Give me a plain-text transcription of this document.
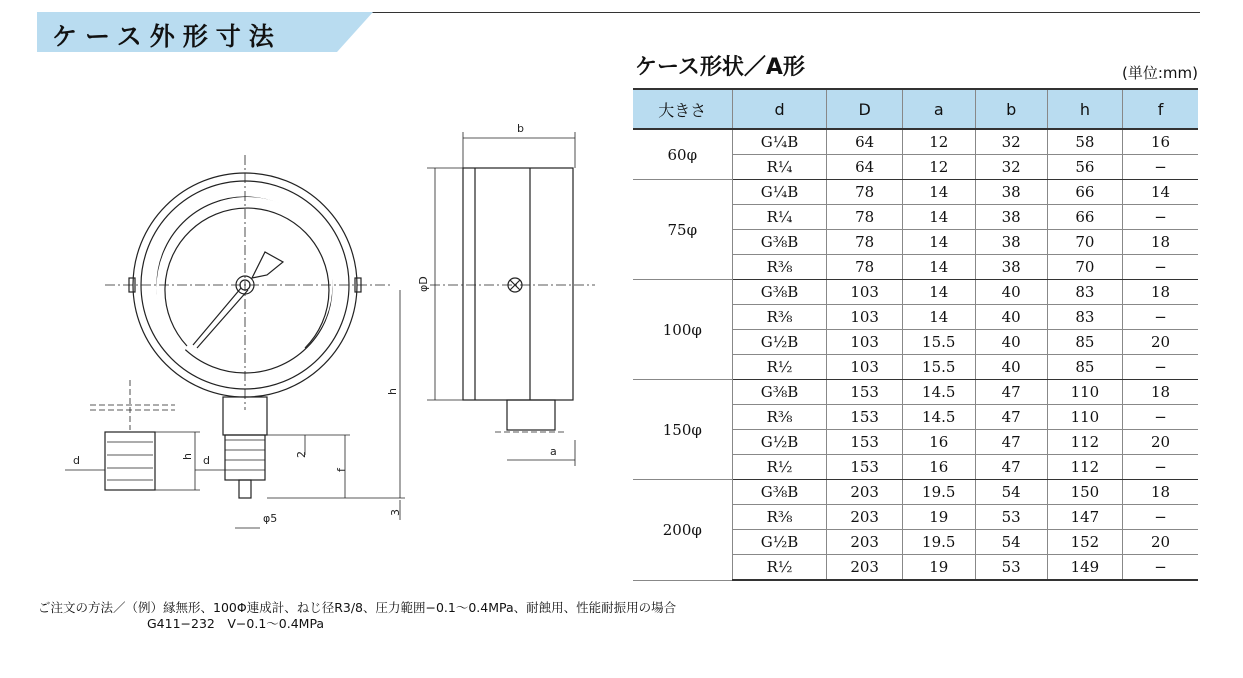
ケース外形寸法
b
φD
h
a
d	h d	2
f
3
φ5
ケース形状／A形	(単位:mm)
大きさ	d	D	a	b	h	f
60φ	G¼B	64	12	32	58	16
	R¼	64	12	32	56	−
75φ	G¼B	78	14	38	66	14
	R¼	78	14	38	66	−
	G⅜B	78	14	38	70	18
	R⅜	78	14	38	70	−
100φ	G⅜B	103	14	40	83	18
	R⅜	103	14	40	83	−
	G½B	103	15.5	40	85	20
	R½	103	15.5	40	85	−
150φ	G⅜B	153	14.5	47	110	18
	R⅜	153	14.5	47	110	−
	G½B	153	16	47	112	20
	R½	153	16	47	112	−
200φ	G⅜B	203	19.5	54	150	18
	R⅜	203	19	53	147	−
	G½B	203	19.5	54	152	20
	R½	203	19	53	149	−
ご注文の方法／（例）縁無形、100Φ連成計、ねじ径R3/8、圧力範囲−0.1〜0.4MPa、耐蝕用、性能耐振用の場合
G411−232　V−0.1〜0.4MPa
